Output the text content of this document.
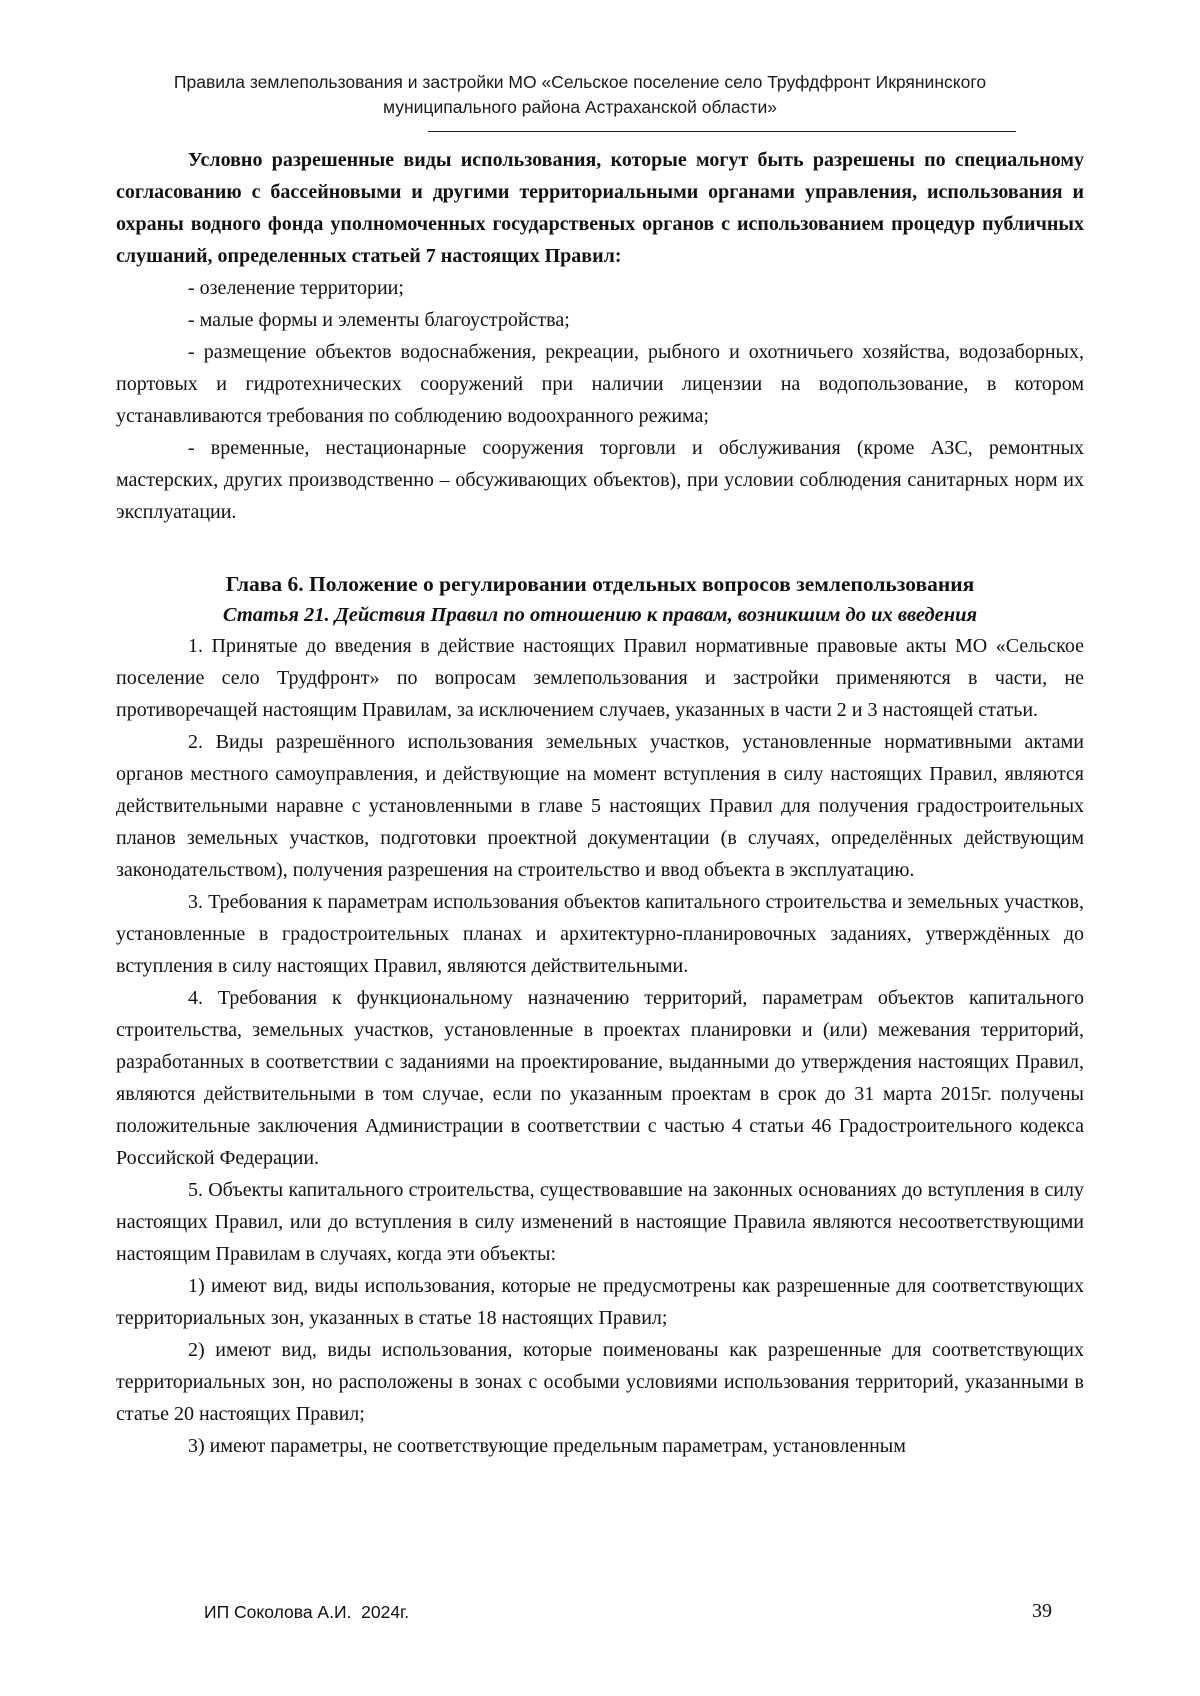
Правила землепользования и застройки МО «Сельское поселение село Труфдфронт Икрянинского
муниципального района Астраханской области»

Условно разрешенные виды использования, которые могут быть разрешены по специальному согласованию с бассейновыми и другими территориальными органами управления, использования и охраны водного фонда уполномоченных государственых органов с использованием процедур публичных слушаний, определенных статьей 7 настоящих Правил:

- озеленение территории;

- малые формы и элементы благоустройства;

- размещение объектов водоснабжения, рекреации, рыбного и охотничьего хозяйства, водозаборных, портовых и гидротехнических сооружений при наличии лицензии на водопользование, в котором устанавливаются требования по соблюдению водоохранного режима;

- временные, нестационарные сооружения торговли и обслуживания (кроме АЗС, ремонтных мастерских, других производственно – обсуживающих объектов), при условии соблюдения санитарных норм их эксплуатации.

Глава 6. Положение о регулировании отдельных вопросов землепользования

Статья 21. Действия Правил по отношению к правам, возникшим до их введения

1. Принятые до введения в действие настоящих Правил нормативные правовые акты МО «Сельское поселение село Трудфронт» по вопросам землепользования и застройки применяются в части, не противоречащей настоящим Правилам, за исключением случаев, указанных в части 2 и 3 настоящей статьи.

2. Виды разрешённого использования земельных участков, установленные нормативными актами органов местного самоуправления, и действующие на момент вступления в силу настоящих Правил, являются действительными наравне с установленными в главе 5 настоящих Правил для получения градостроительных планов земельных участков, подготовки проектной документации (в случаях, определённых действующим законодательством), получения разрешения на строительство и ввод объекта в эксплуатацию.

3. Требования к параметрам использования объектов капитального строительства и земельных участков, установленные в градостроительных планах и архитектурно-планировочных заданиях, утверждённых до вступления в силу настоящих Правил, являются действительными.

4. Требования к функциональному назначению территорий, параметрам объектов капитального строительства, земельных участков, установленные в проектах планировки и (или) межевания территорий, разработанных в соответствии с заданиями на проектирование, выданными до утверждения настоящих Правил, являются действительными в том случае, если по указанным проектам в срок до 31 марта 2015г. получены положительные заключения Администрации в соответствии с частью 4 статьи 46 Градостроительного кодекса Российской Федерации.

5. Объекты капитального строительства, существовавшие на законных основаниях до вступления в силу настоящих Правил, или до вступления в силу изменений в настоящие Правила являются несоответствующими настоящим Правилам в случаях, когда эти объекты:

1) имеют вид, виды использования, которые не предусмотрены как разрешенные для соответствующих территориальных зон, указанных в статье 18 настоящих Правил;

2) имеют вид, виды использования, которые поименованы как разрешенные для соответствующих территориальных зон, но расположены в зонах с особыми условиями использования территорий, указанными в статье 20 настоящих Правил;

3) имеют параметры, не соответствующие предельным параметрам, установленным

ИП Соколова А.И.  2024г.	39
